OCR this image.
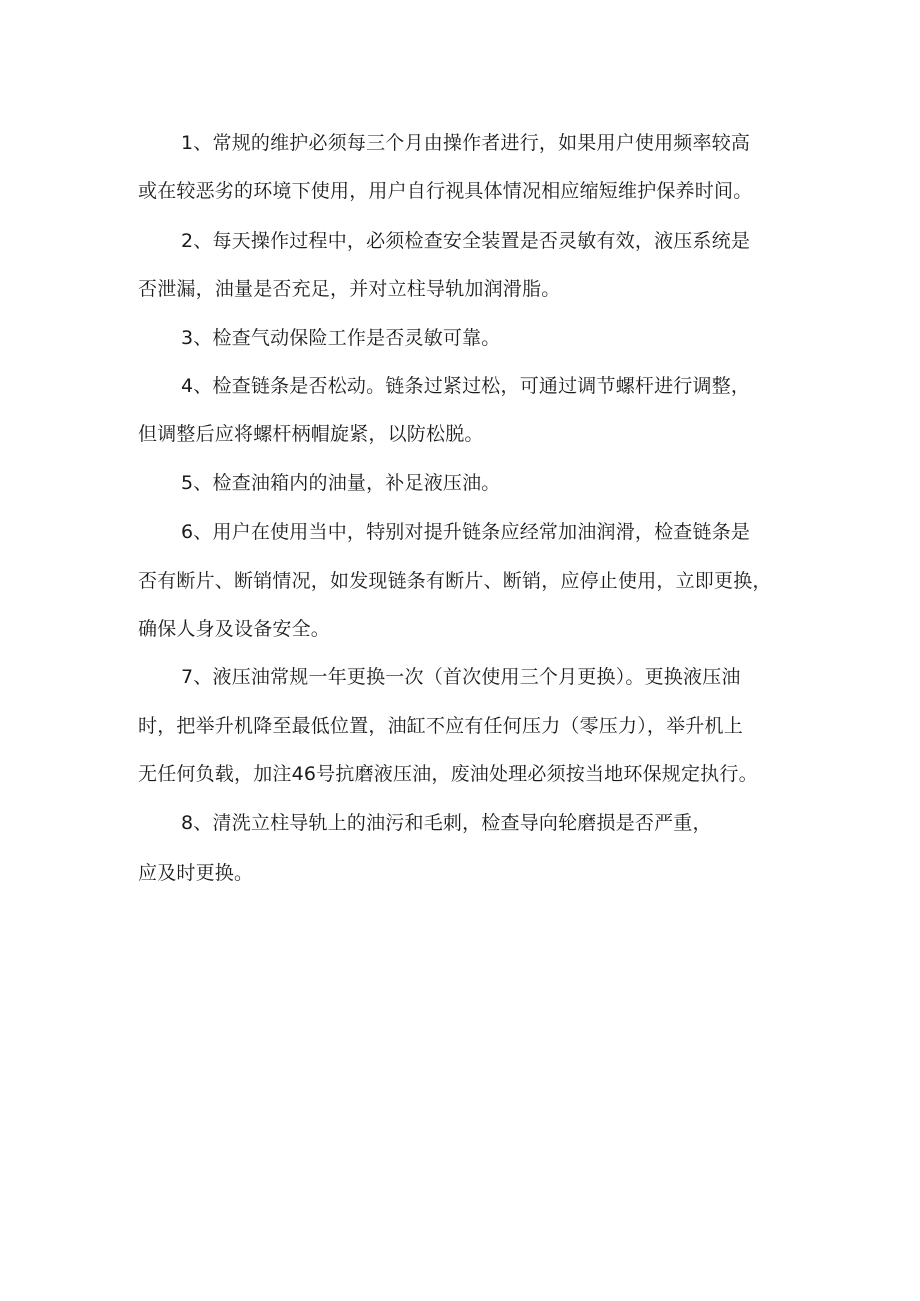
1、常规的维护必须每三个月由操作者进行，如果用户使用频率较高
或在较恶劣的环境下使用，用户自行视具体情况相应缩短维护保养时间。
2、每天操作过程中，必须检查安全装置是否灵敏有效，液压系统是
否泄漏，油量是否充足，并对立柱导轨加润滑脂。
3、检查气动保险工作是否灵敏可靠。
4、检查链条是否松动。链条过紧过松，可通过调节螺杆进行调整，
但调整后应将螺杆柄帽旋紧，以防松脱。
5、检查油箱内的油量，补足液压油。
6、用户在使用当中，特别对提升链条应经常加油润滑，检查链条是
否有断片、断销情况，如发现链条有断片、断销，应停止使用，立即更换，
确保人身及设备安全。
7、液压油常规一年更换一次（首次使用三个月更换）。更换液压油
时，把举升机降至最低位置，油缸不应有任何压力（零压力），举升机上
无任何负载，加注46号抗磨液压油，废油处理必须按当地环保规定执行。
8、清洗立柱导轨上的油污和毛刺，检查导向轮磨损是否严重，
应及时更换。
